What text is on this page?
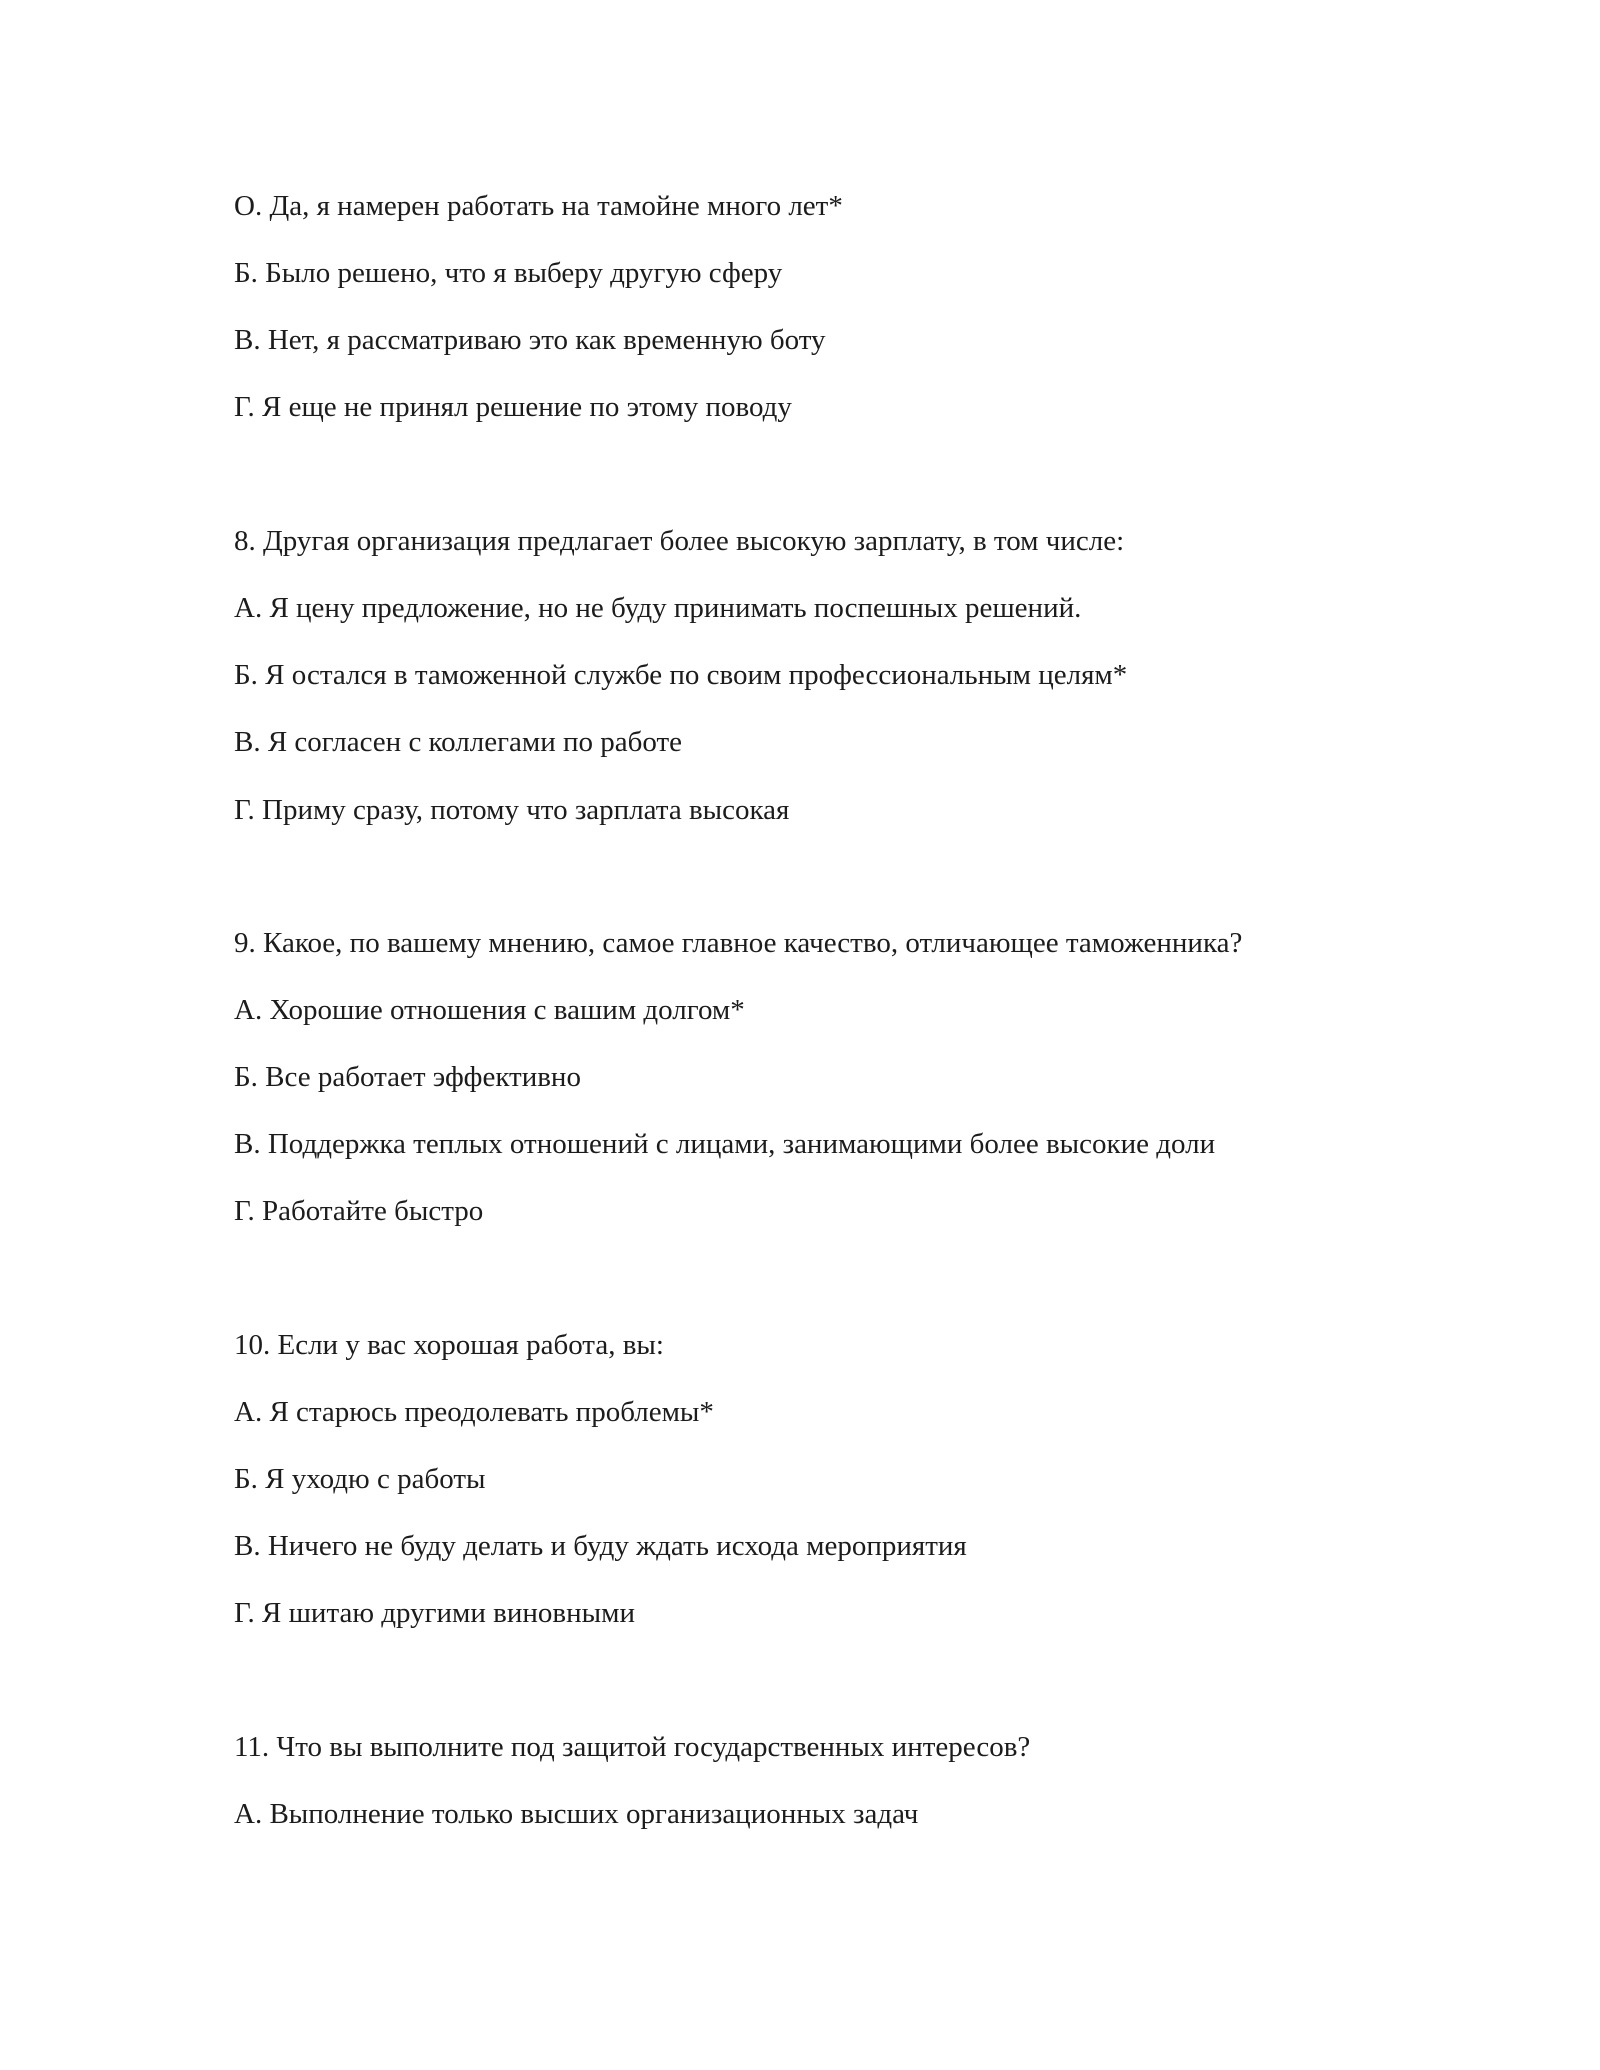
О. Да, я намерен работать на тамойне много лет*
Б. Было решено, что я выберу другую сферу
В. Нет, я рассматриваю это как временную боту
Г. Я еще не принял решение по этому поводу
8. Другая организация предлагает более высокую зарплату, в том числе:
А. Я цену предложение, но не буду принимать поспешных решений.
Б. Я остался в таможенной службе по своим профессиональным целям*
В. Я согласен с коллегами по работе
Г. Приму сразу, потому что зарплата высокая
9. Какое, по вашему мнению, самое главное качество, отличающее таможенника?
А. Хорошие отношения с вашим долгом*
Б. Все работает эффективно
В. Поддержка теплых отношений с лицами, занимающими более высокие доли
Г. Работайте быстро
10. Если у вас хорошая работа, вы:
А. Я старюсь преодолевать проблемы*
Б. Я уходю с работы
В. Ничего не буду делать и буду ждать исхода мероприятия
Г. Я шитаю другими виновными
11. Что вы выполните под защитой государственных интересов?
А. Выполнение только высших организационных задач
